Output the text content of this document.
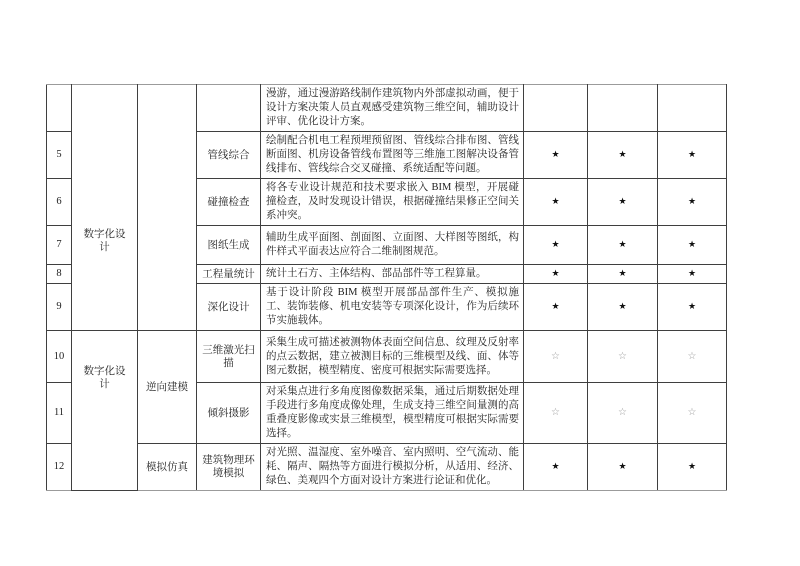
	数字化设计			漫游，通过漫游路线制作建筑物内外部虚拟动画，便于设计方案决策人员直观感受建筑物三维空间，辅助设计评审、优化设计方案。			
5			管线综合	绘制配合机电工程预埋预留图、管线综合排布图、管线断面图、机房设备管线布置图等三维施工图解决设备管线排布、管线综合交叉碰撞、系统适配等问题。	★	★	★
6			碰撞检查	将各专业设计规范和技术要求嵌入 BIM 模型，开展碰撞检查，及时发现设计错误，根据碰撞结果修正空间关系冲突。	★	★	★
7			图纸生成	辅助生成平面图、剖面图、立面图、大样图等图纸，构件样式平面表达应符合二维制图规范。	★	★	★
8			工程量统计	统计土石方、主体结构、部品部件等工程算量。	★	★	★
9			深化设计	基于设计阶段 BIM 模型开展部品部件生产、模拟施工、装饰装修、机电安装等专项深化设计，作为后续环节实施载体。	★	★	★
10	数字化设计	逆向建模	三维激光扫描	采集生成可描述被测物体表面空间信息、纹理及反射率的点云数据，建立被测目标的三维模型及线、面、体等图元数据，模型精度、密度可根据实际需要选择。	☆	☆	☆
11			倾斜摄影	对采集点进行多角度图像数据采集，通过后期数据处理手段进行多角度成像处理，生成支持三维空间量测的高重叠度影像或实景三维模型，模型精度可根据实际需要选择。	☆	☆	☆
12		模拟仿真	建筑物理环境模拟	对光照、温湿度、室外噪音、室内照明、空气流动、能耗、隔声、隔热等方面进行模拟分析，从适用、经济、绿色、美观四个方面对设计方案进行论证和优化。	★	★	★
